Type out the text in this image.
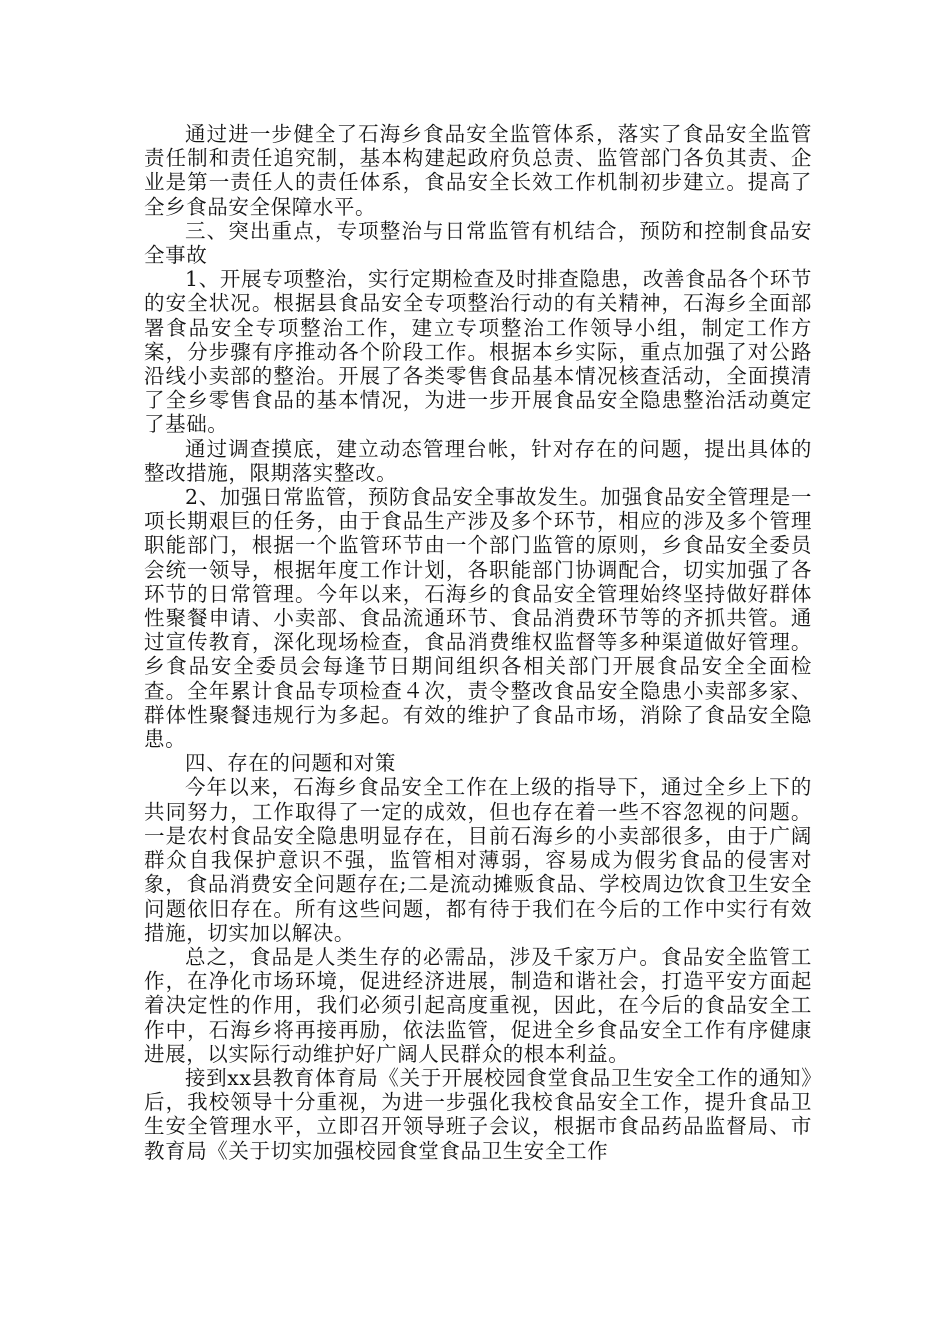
通过进一步健全了石海乡食品安全监管体系，落实了食品安全监管责任制和责任追究制，基本构建起政府负总责、监管部门各负其责、企业是第一责任人的责任体系，食品安全长效工作机制初步建立。提高了全乡食品安全保障水平。

三、突出重点，专项整治与日常监管有机结合，预防和控制食品安全事故

1、开展专项整治，实行定期检查及时排查隐患，改善食品各个环节的安全状况。根据县食品安全专项整治行动的有关精神，石海乡全面部署食品安全专项整治工作，建立专项整治工作领导小组，制定工作方案，分步骤有序推动各个阶段工作。根据本乡实际，重点加强了对公路沿线小卖部的整治。开展了各类零售食品基本情况核查活动，全面摸清了全乡零售食品的基本情况，为进一步开展食品安全隐患整治活动奠定了基础。

通过调查摸底，建立动态管理台帐，针对存在的问题，提出具体的整改措施，限期落实整改。

2、加强日常监管，预防食品安全事故发生。加强食品安全管理是一项长期艰巨的任务，由于食品生产涉及多个环节，相应的涉及多个管理职能部门，根据一个监管环节由一个部门监管的原则，乡食品安全委员会统一领导，根据年度工作计划，各职能部门协调配合，切实加强了各环节的日常管理。今年以来，石海乡的食品安全管理始终坚持做好群体性聚餐申请、小卖部、食品流通环节、食品消费环节等的齐抓共管。通过宣传教育，深化现场检查，食品消费维权监督等多种渠道做好管理。乡食品安全委员会每逢节日期间组织各相关部门开展食品安全全面检查。全年累计食品专项检查４次，责令整改食品安全隐患小卖部多家、群体性聚餐违规行为多起。有效的维护了食品市场，消除了食品安全隐患。

四、存在的问题和对策

今年以来，石海乡食品安全工作在上级的指导下，通过全乡上下的共同努力，工作取得了一定的成效，但也存在着一些不容忽视的问题。一是农村食品安全隐患明显存在，目前石海乡的小卖部很多，由于广阔群众自我保护意识不强，监管相对薄弱，容易成为假劣食品的侵害对象，食品消费安全问题存在;二是流动摊贩食品、学校周边饮食卫生安全问题依旧存在。所有这些问题，都有待于我们在今后的工作中实行有效措施，切实加以解决。

总之，食品是人类生存的必需品，涉及千家万户。食品安全监管工作，在净化市场环境，促进经济进展，制造和谐社会，打造平安方面起着决定性的作用，我们必须引起高度重视，因此，在今后的食品安全工作中，石海乡将再接再励，依法监管，促进全乡食品安全工作有序健康进展，以实际行动维护好广阔人民群众的根本利益。

接到xx县教育体育局《关于开展校园食堂食品卫生安全工作的通知》后，我校领导十分重视，为进一步强化我校食品安全工作，提升食品卫生安全管理水平，立即召开领导班子会议，根据市食品药品监督局、市教育局《关于切实加强校园食堂食品卫生安全工作
